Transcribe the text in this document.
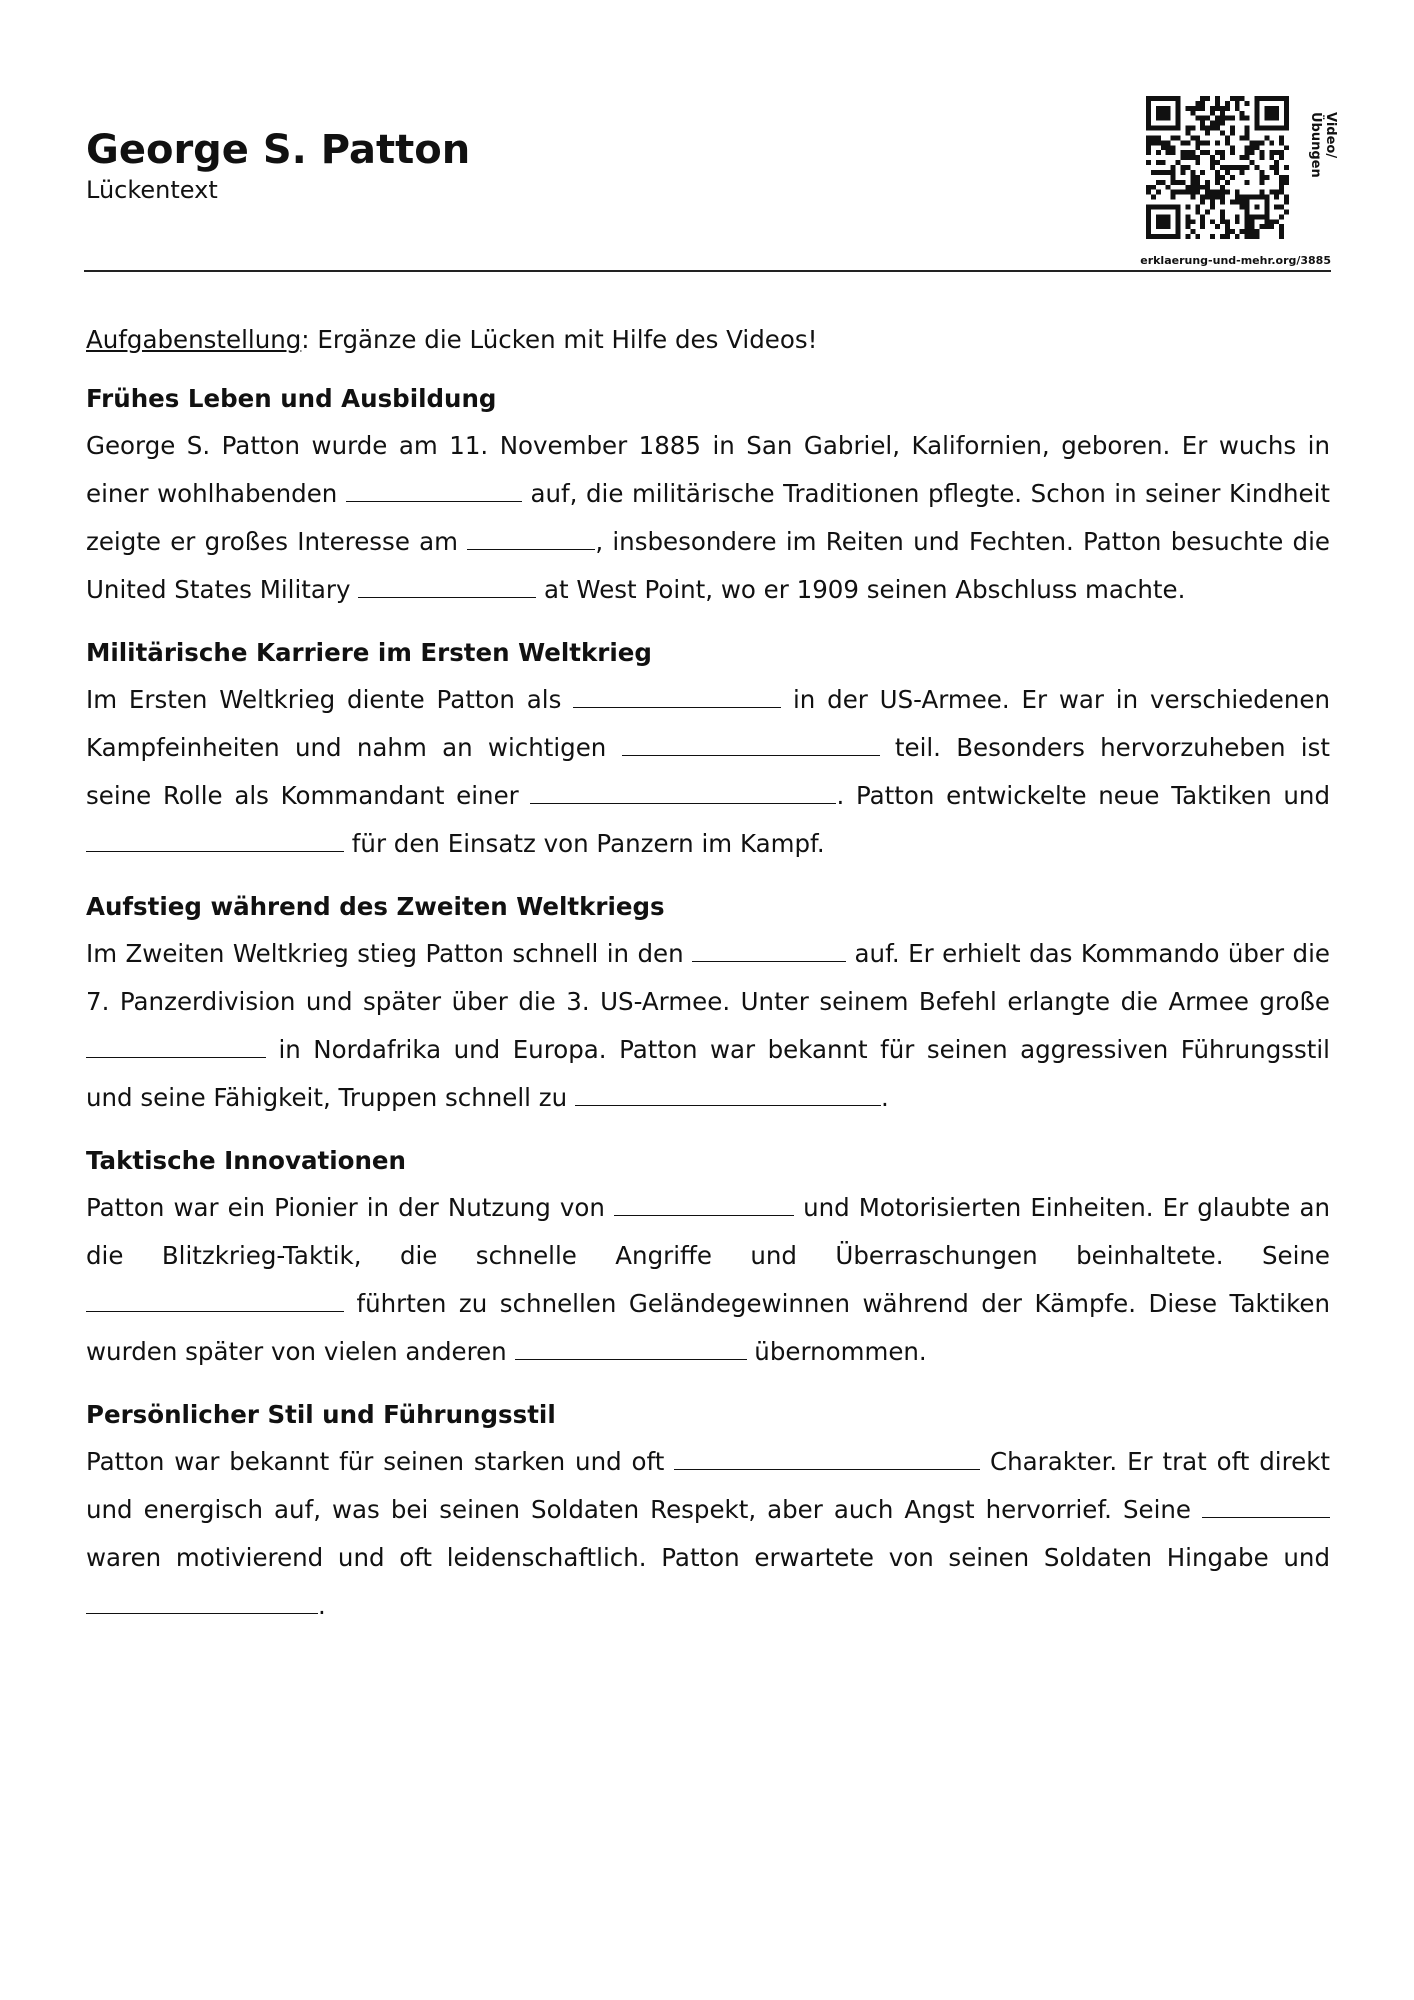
George S. Patton
Lückentext
Video/Übungen
erklaerung-und-mehr.org/3885

Aufgabenstellung: Ergänze die Lücken mit Hilfe des Videos!

Frühes Leben und Ausbildung

George S. Patton wurde am 11. November 1885 in San Gabriel, Kalifornien, geboren. Er wuchs in einer wohlhabenden	auf, die militärische Traditionen pflegte. Schon in seiner Kindheit zeigte er großes Interesse am	, insbesondere im Reiten und Fechten. Patton besuchte die United States Military	at West Point, wo er 1909 seinen Abschluss machte.

Militärische Karriere im Ersten Weltkrieg

Im Ersten Weltkrieg diente Patton als	in der US-Armee. Er war in verschiedenen Kampfeinheiten und nahm an wichtigen	teil. Besonders hervorzuheben ist seine Rolle als Kommandant einer	. Patton entwickelte neue Taktiken und  für den Einsatz von Panzern im Kampf.

Aufstieg während des Zweiten Weltkriegs

Im Zweiten Weltkrieg stieg Patton schnell in den	auf. Er erhielt das Kommando über die 7. Panzerdivision und später über die 3. US-Armee. Unter seinem Befehl erlangte die Armee große  in Nordafrika und Europa. Patton war bekannt für seinen aggressiven Führungsstil und seine Fähigkeit, Truppen schnell zu	.

Taktische Innovationen

Patton war ein Pionier in der Nutzung von	und Motorisierten Einheiten. Er glaubte an die Blitzkrieg-Taktik, die schnelle Angriffe und Überraschungen beinhaltete. Seine  führten zu schnellen Geländegewinnen während der Kämpfe. Diese Taktiken wurden später von vielen anderen	übernommen.

Persönlicher Stil und Führungsstil

Patton war bekannt für seinen starken und oft	Charakter. Er trat oft direkt und energisch auf, was bei seinen Soldaten Respekt, aber auch Angst hervorrief. Seine  waren motivierend und oft leidenschaftlich. Patton erwartete von seinen Soldaten Hingabe und .
